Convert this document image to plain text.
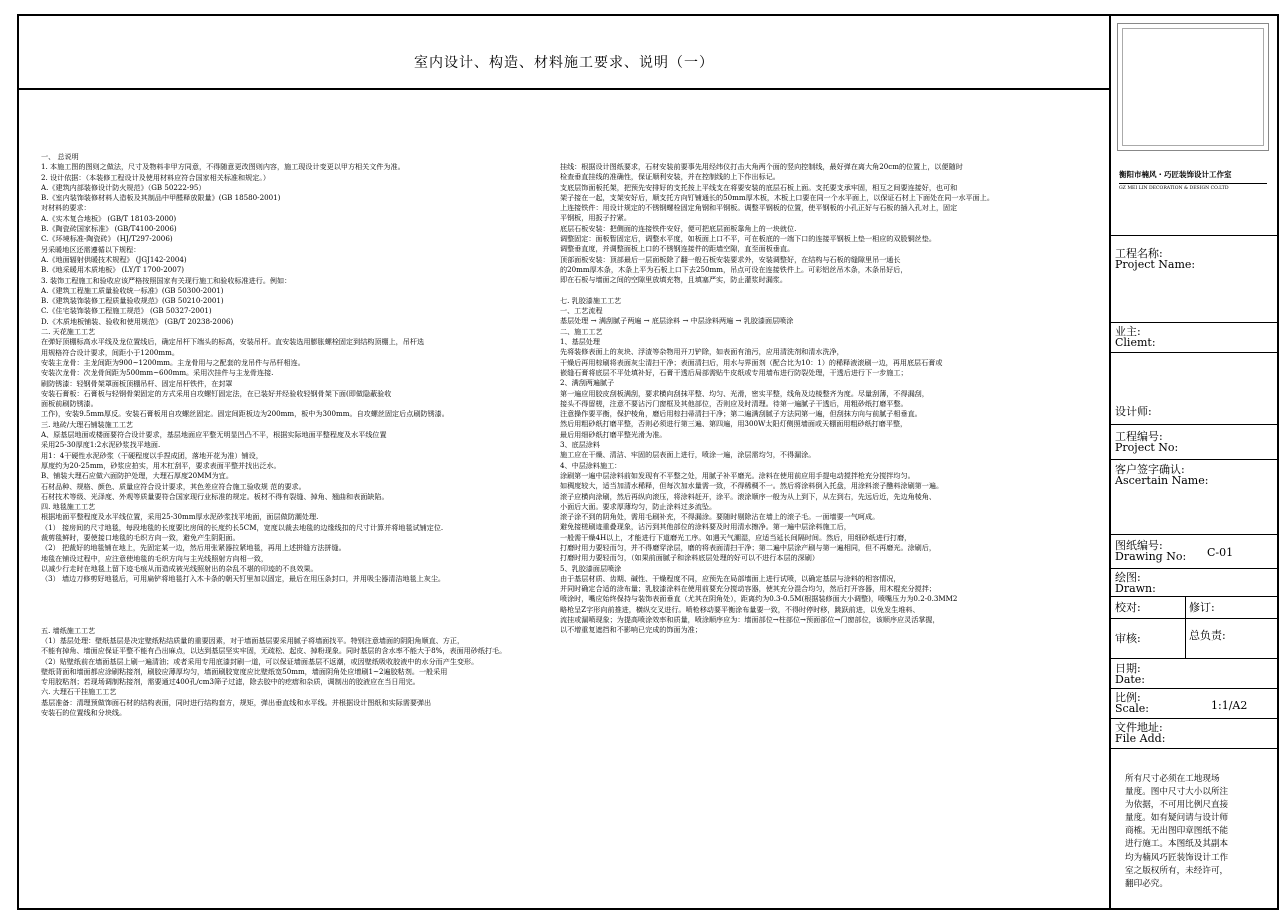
室内设计、构造、材料施工要求、说明（一）
衡阳市楠风・巧匠装饰设计工作室
GZ MEI LIN DECORATION & DESIGN CO.LTD
工程名称:
Project Name:
业主:
Cliemt:
设计师:
工程编号:
Project No:
客户签字确认:
Ascertain Name:
图纸编号:
Drawing No: C-01
绘图:
Drawn:
校对:	修订:
审核:	总负责:
日期:
Date:
比例:
Scale:	1:1/A2
文件地址:
File Add:
所有尺寸必须在工地现场
量度。图中尺寸大小以所注
为依据，不可用比例尺直接
量度。如有疑问请与设计师
商榷。无出图印章图纸不能
进行施工。本图纸及其副本
均为楠风巧匠装饰设计工作
室之版权所有，未经许可，
翻印必究。
一、 总说明
1. 本施工图的图则之做法，尺寸及物料非甲方同意，不得随意更改图则内容，施工现设计变更以甲方相关文件为准。
2. 设计依据：（本装修工程设计及使用材料应符合国家相关标准和规定。）
A.《建筑内部装修设计防火规范》（GB 50222-95）
B.《室内装饰装修材料人造板及其制品中甲醛释放限量》(GB 18580-2001)
对材料的要求：
A.《实木复合地板》 (GB/T 18103-2000)
B.《陶瓷砖国家标准》 (GB/T4100-2006)
C.《环境标准-陶瓷砖》 (HJ/T297-2006)
另采暖地区还需遵循以下规程：
A.《地面辐射供暖技术规程》 (JGJ142-2004)
B.《地采暖用木质地板》 (LY/T 1700-2007)
3. 装饰工程施工和验收应该严格按照国家有关现行施工和验收标准进行。例如：
A.《建筑工程施工质量验收统一标准》(GB 50300-2001)
B.《建筑装饰装修工程质量验收规范》(GB 50210-2001)
C.《住宅装饰装修工程施工规范》 (GB 50327-2001)
D.《木质地板铺装、验收和使用规范》 (GB/T 20238-2006)
二. 天花施工工艺
在弹好顶棚标高水平线及龙位置线后，确定吊杆下端头的标高，安装吊杆。直安装选用膨胀螺栓固定到结构顶棚上，吊杆选
用规格符合设计要求，间距小于1200mm。
安装主龙骨：主龙间距为900~1200mm。主龙骨用与之配套的龙吊件与吊杆相连。
安装次龙骨：次龙骨间距为500mm~600mm。采用次挂件与主龙骨连接.
刷防锈漆：轻钢骨架罩面板顶棚吊杆、固定吊杆铁件，在封罩
安装石膏板：石膏板与轻钢骨架固定的方式采用自攻螺钉固定法，在已装好并经验收轻钢骨架下面(即做隐蔽验收
面板前刷防锈漆。
工作)，安装9.5mm厚反。安装石膏板用自攻螺丝固定。固定间距板边为200mm，板中为300mm。自攻螺丝固定后点刷防锈漆。
三. 地砖/大理石铺装施工工艺
A、原基层地面或楼面要符合设计要求，基层地面应平整无明显凹凸不平，根据实际地面平整程度及水平线位置
采用25-30厚度1:2水泥砂浆找平地面.
用1：4干硬性水泥砂浆（干硬程度以手捏成团，落地开花为准）铺设，
厚度约为20-25mm，砂浆应拍实，用木杠刮平，要求表面平整并找出泛水。
B、铺装大理石应做六面防护处理，大理石厚度20MM为宜。
石材品种、规格、颜色、质量应符合设计要求，其色差应符合施工验收规 范的要求。
石材技术等级、光泽度、外观等质量要符合国家现行业标准的规定。板材不得有裂缝、掉角、翘曲和表面缺陷。
四. 地毯施工工艺
根据地面平整程度及水平线位置，采用25-30mm厚水泥砂浆找平地面，面层做防潮处理.
（1） 接房间的尺寸地毯，每段地毯的长度要比房间的长度约长5CM，宽度以裁去地毯的边缘线扣的尺寸计算并将地毯试铺定位.
裁剪毯鲜时，要使接口地毯的毛织方向一致，避免产生阴阳面。
（2） 把裁好的地毯铺在地上，先固定某一边，然后用张紧器拉紧地毯，再用上述拼缝方法拼缝。
地毯在铺设过程中，应注意使地毯的毛织方向与主光线照射方向相一致，
以减少行走时在地毯上留下迹毛痕从而造成被光线照射出的杂乱不堪的印迹的不良效果。
（3） 墙边刀修剪好地毯后，可用扁铲将地毯打入木卡条的朝天钉里加以固定，最后在用压条封口，并用吸尘器清洁地毯上灰尘。
五. 墙纸施工工艺
（1）基层处理：壁纸基层是决定壁纸粘结质量的重要因素，对于墙面基层要采用腻子将墙面找平。特别注意墙面的阴阳角顺直、方正，
不能有掉角、墙面应保证平整不能有凸出麻点，以达到基层坚实牢固，无疏松、起皮、掉粉现象。同时基层的含水率不能大于8%，表面用砂纸打毛。
（2）贴壁纸前在墙面基层上刷一遍清油；或者采用专用底漆封刷一道，可以保证墙面基层不返潮，或因壁纸吸收胶液中的水分而产生变形。
壁纸背面和墙面都应涂刷粘接剂，刷胶应薄厚均匀，墙面刷胶宽度应比壁纸宽50mm，墙面阴角处应增刷1~2遍胶粘剂。一般采用
专用胶粘剂；若现场调制粘接剂，需要通过400孔/cm3筛子过滤，除去胶中的疙瘩和杂质，调制出的胶液应在当日用完。
六. 大理石干挂施工工艺
基层准备：清理预做饰面石材的结构表面，同时进行结构套方，规矩，弹出垂直线和水平线。并根据设计图纸和实际需要弹出
安装石的位置线和分块线。
挂线：根据设计图纸要求，石材安装前要事先用经纬仪打击大角两个面的竖向控制线，最好弹在离大角20cm的位置上，以便随时
检查垂直挂线的准确性，保证顺利安装，并在控制线的上下作出标记。
支底层饰面板托架，把预先安排好的支托按上平线支在将要安装的底层石板上面。支托要支承牢固，相互之间要连接好，也可和
架子接在一起，支架安好后，顺支托方向钉铺通长的50mm厚木板，木板上口要在同一个水平面上，以保证石材上下面处在同一水平面上。
上连接铁件：用设计规定的不锈钢螺栓固定角钢和平钢板。调整平钢板的位置，使平钢板的小孔正好与石板的插入孔对上，固定
平钢板，用扳子拧紧。
底层石板安装：把侧面的连接铁件安好，便可把底层面板靠角上的一块就位.
调整固定：面板暂固定后，调整水平度，如板面上口不平，可在板底的一端下口的连接平钢板上垫一相应的双股铜丝垫。
调整垂直度，并调整面板上口的不锈钢连接件的距墙空隙，直至面板垂直。
顶部面板安装：顶部最后一层面板除了翻一般石板安装要求外，安装调整好，在结构与石板的缝隙里吊一通长
的20mm厚木条，木条上平为石板上口下去250mm，吊点可设在连接铁件上。可彩铝丝吊木条，木条吊好后，
即在石板与墙面之间的空隙里放填充物，且填塞严实，防止灌浆时漏浆。
七. 乳胶漆施工工艺
一、工艺流程
基层处理 → 满刮腻子两遍 → 底层涂料 → 中层涂料两遍 → 乳胶漆面层喷涂
二、施工工艺
1、基层处理
先将装修表面上的灰块、浮渣等杂物用开刀铲除，如表面有油污，应用清洗剂和清水洗净，
干燥后再用棕刷将表面灰尘清扫干净；表面清扫后，用水与界面剂（配合比为10：1）的稀释液滚刷一边，再用底层石膏或
嵌缝石膏将底层不平处填补好，石膏干透后局部需贴牛皮纸或专用墙布进行防裂处理，干透后进行下一步施工；
2、满刮两遍腻子
第一遍应用胶皮刮板满刮，要求横向刮抹平整、均匀、光滑，密实平整，线角及边棱整齐为度。尽量刮薄，不得漏刮，
接头不得留槎，注意不要沾污门窗框及其他部位，否则应及时清理。待第一遍腻子干透后，用粗砂纸打磨平整。
注意操作要平衡，保护棱角，磨后用棕扫帚清扫干净；第二遍满刮腻子方法同第一遍，但刮抹方向与前腻子相垂直。
然后用粗砂纸打磨平整，否则必须进行第三遍、第四遍，用300W太阳灯侧照墙面或天棚面用粗砂纸打磨平整，
最后用细砂纸打磨平整光滑为准。
3、底层涂料
施工应在干燥、清洁、牢固的层表面上进行，喷涂一遍，涂层需均匀，不得漏涂。
4、中层涂料施工：
涂刷第一遍中层涂料前如发现有不平整之处，用腻子补平磨光。涂料在使用前应用手提电动搅拌枪充分搅拌均匀。
如稠度较大，适当加清水稀释，但每次加水量需一致，不得稀稠不一。然后将涂料倒入托盘，用涂料滚子醮料涂刷第一遍。
滚子应横向涂刷，然后再纵向滚压，将涂料赶开，涂平。滚涂顺序一般为从上到下，从左到右，先远后近，先边角棱角、
小面后大面。要求厚薄均匀，防止涂料过多流坠。
滚子涂不到的阴角处，需用毛刷补充，不得漏涂。要随时剔除沾在墙上的滚子毛。一面墙要一气呵成。
避免接槎刷迹重叠现象，沾污到其他部位的涂料要及时用清水擦净。第一遍中层涂料施工后，
一般需干燥4H以上，才能进行下道磨光工序。如遇天气潮湿，应适当延长间隔时间。然后，用细砂纸进行打磨，
打磨时用力要轻而匀，并不得磨穿涂层，磨的将表面清扫干净；第二遍中层涂产刷与第一遍相同，但不再磨光。涂刷后，
打磨时用力要轻而匀，（如果前面腻子和涂料底层处理的好可以不进行本层的深刷）
5、乳胶漆面层喷涂
由于基层材质、齿期、碱性、干燥程度不同，应预先在局部墙面上进行试喷，以确定基层与涂料的相容情况，
并同时确定合适的涂布量；乳胶漆涂料在使用前要充分搅动容器，使其充分混合均匀，然后打开容器，用木棍充分搅拌；
喷涂时，嘴应始终保持与装饰表面垂直（尤其在阴角处），距离约为0.3-0.5M(根据装修面大小调整)，喷嘴压力为0.2-0.3MM2
略枪呈Z字形向前推进，横纵交叉进行。喷枪移动要平衡涂布量要一致，不得时停时移，跳跃前进，以免发生堆料、
流挂或漏喷现象；为提高喷涂效率和质量，喷涂顺序应为：墙面部位→柱部位→预面部位→门窗部位，该顺序应灵活掌握，
以不增重复遮挡和不影响已完成的饰面为准；
